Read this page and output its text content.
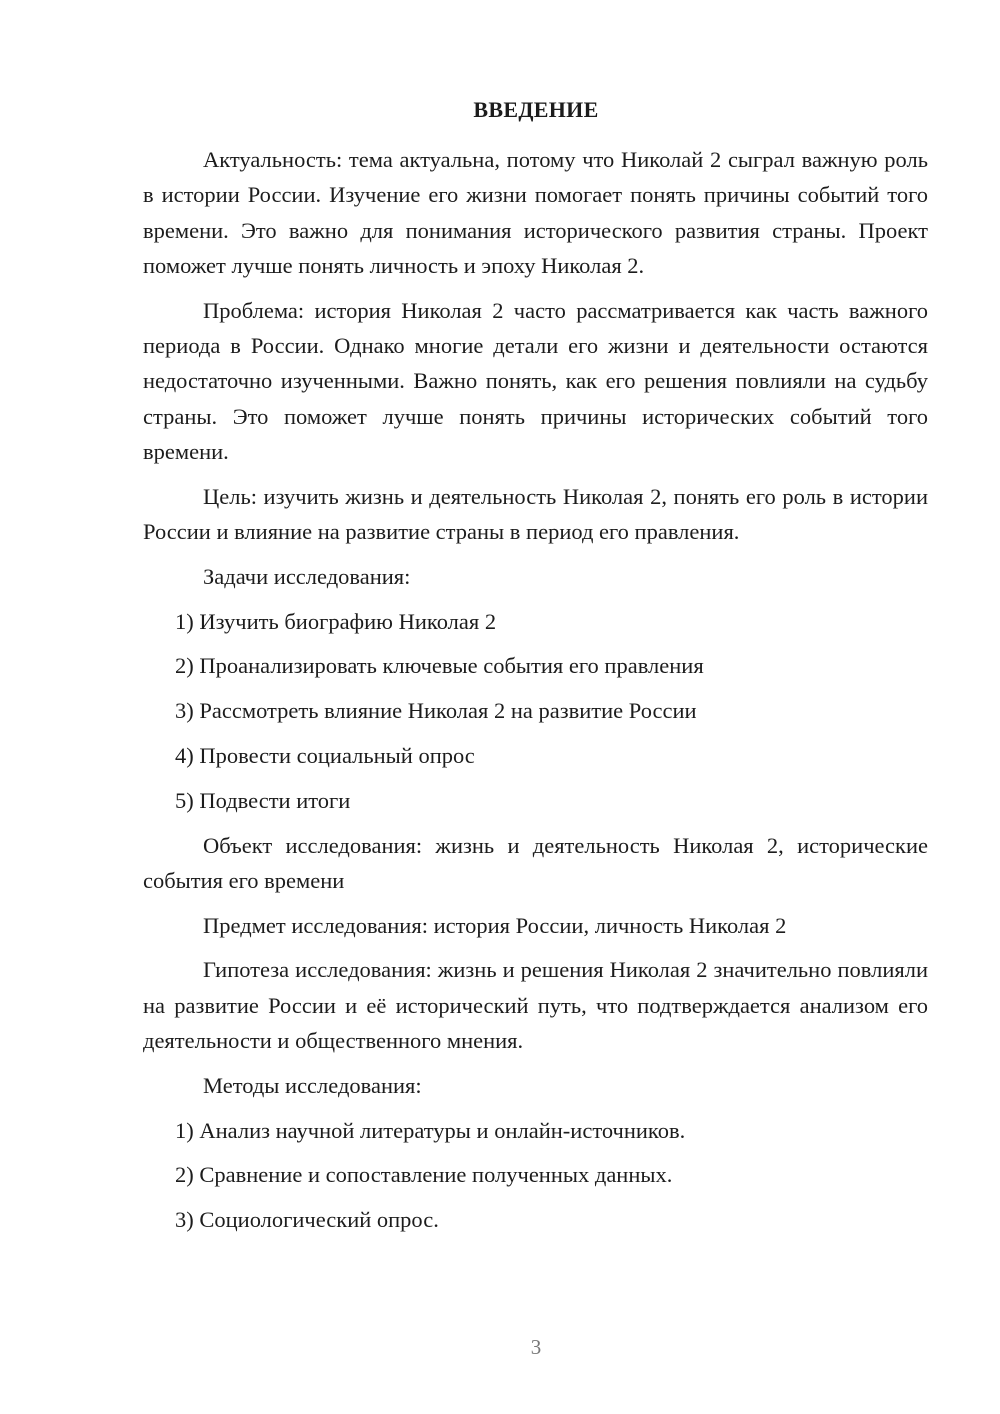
ВВЕДЕНИЕ

Актуальность: тема актуальна, потому что Николай 2 сыграл важную роль в истории России. Изучение его жизни помогает понять причины событий того времени. Это важно для понимания исторического развития страны. Проект поможет лучше понять личность и эпоху Николая 2.

Проблема: история Николая 2 часто рассматривается как часть важного периода в России. Однако многие детали его жизни и деятельности остаются недостаточно изученными. Важно понять, как его решения повлияли на судьбу страны. Это поможет лучше понять причины исторических событий того времени.

Цель: изучить жизнь и деятельность Николая 2, понять его роль в истории России и влияние на развитие страны в период его правления.

Задачи исследования:

1) Изучить биографию Николая 2

2) Проанализировать ключевые события его правления

3) Рассмотреть влияние Николая 2 на развитие России

4) Провести социальный опрос

5) Подвести итоги

Объект исследования: жизнь и деятельность Николая 2, исторические события его времени

Предмет исследования: история России, личность Николая 2

Гипотеза исследования: жизнь и решения Николая 2 значительно повлияли на развитие России и её исторический путь, что подтверждается анализом его деятельности и общественного мнения.

Методы исследования:

1) Анализ научной литературы и онлайн-источников.

2) Сравнение и сопоставление полученных данных.

3) Социологический опрос.

3
